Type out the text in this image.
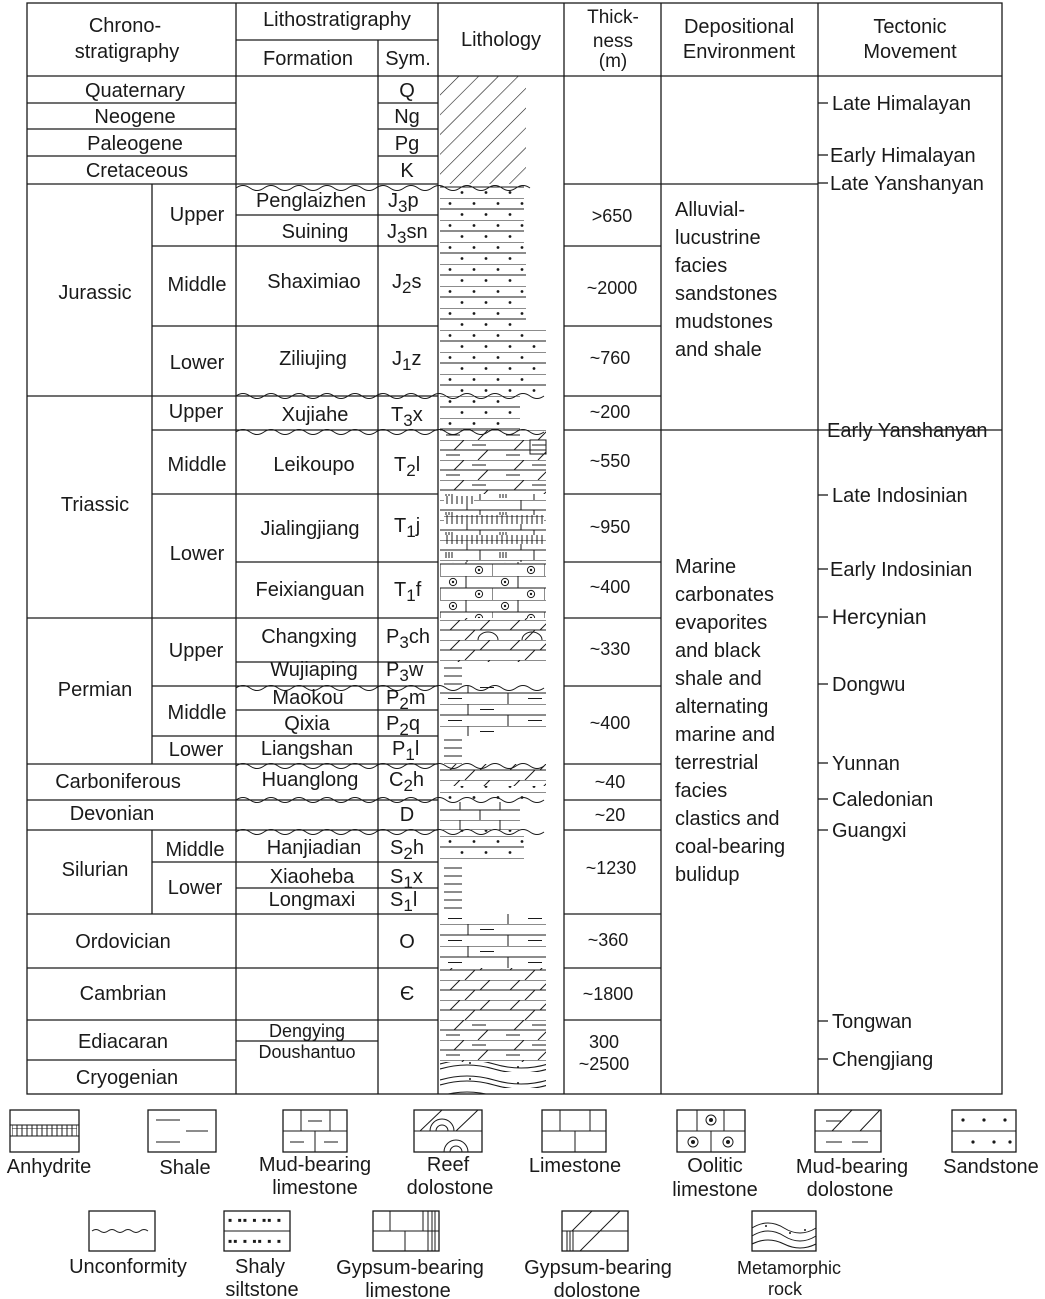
Chrono-
stratigraphy
Lithostratigraphy
Formation Sym.
Lithology
Thick-
ness
(m)
Depositional
Environment
Tectonic
Movement
Quaternary
Neogene
Paleogene
Cretaceous
Jurassic
Triassic
Permian
Carboniferous
Devonian
Silurian
Ordovician
Cambrian
Ediacaran
Cryogenian
Upper
Middle
Lower
Upper
Middle
Lower
Upper
Middle
Lower
Middle
Lower
Penglaizhen
Suining
Shaximiao
Ziliujing
Xujiahe
Leikoupo
Jialingjiang
Feixianguan
Changxing
Wujiaping
Maokou
Qixia
Liangshan
Huanglong
Hanjiadian
Xiaoheba
Longmaxi
Dengying
Doushantuo
Q
Ng
Pg
K
$J_3p$
$J_3sn$
$J_2s$
$J_1z$
$T_3x$
$T_2l$
$T_1j$
$T_1f$
$P_3ch$
$P_3w$
$P_2m$
$P_2q$
$P_1l$
$C_2h$
D
$S_2h$
$S_1x$
$S_1l$
O
Є
>650
~2000
~760
~200
~550
~950
~400
~330
~400
~40
~20
~1230
~360
~1800
300
~2500
Alluvial-
lucustrine
facies
sandstones
mudstones
and shale
Marine
carbonates
evaporites
and black
shale and
alternating
marine and
terrestrial
facies
clastics and
coal-bearing
bulidup
Late Himalayan
Early Himalayan
Late Yanshanyan
Early Yanshanyan
Late Indosinian
Early Indosinian
Hercynian
Dongwu
Yunnan
Caledonian
Guangxi
Tongwan
Chengjiang
Anhydrite	Shale Mud-bearing
limestone
Reef
dolostone
Limestone	Oolitic
limestone
Mud-bearing
dolostone
Sandstone
Unconformity
▪ ▪▪ ▪ ▪▪ ▪
▪▪ ▪ ▪▪ ▪ ▪
Shaly
siltstone
Gypsum-bearing
limestone
Gypsum-bearing
dolostone
Metamorphic
rock
